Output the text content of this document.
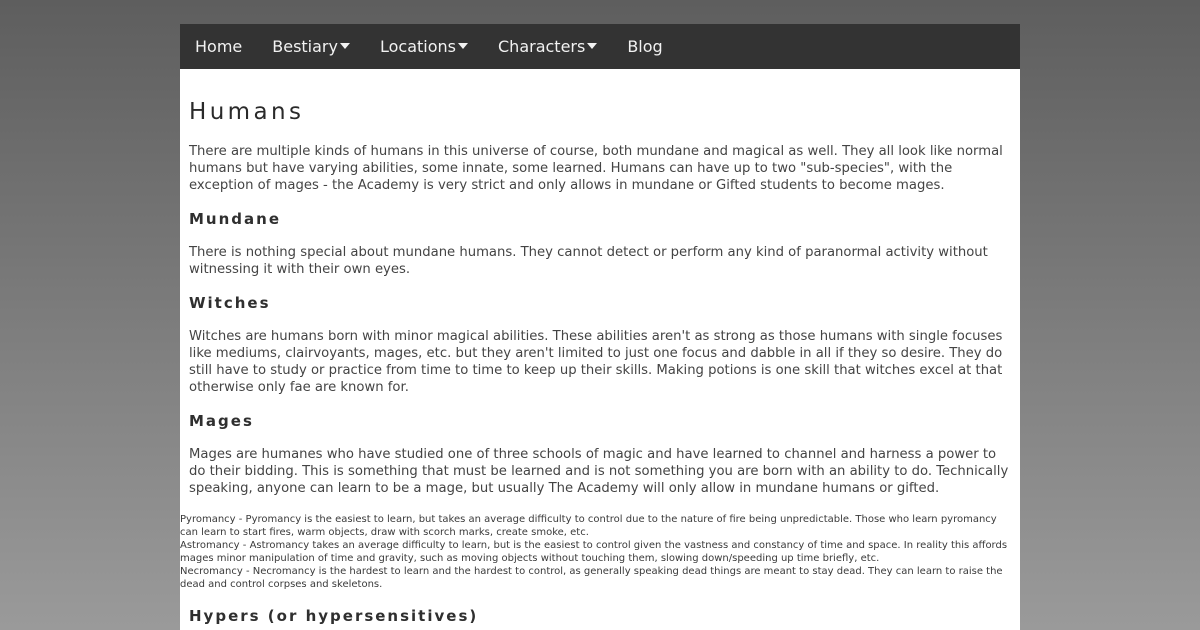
Home Bestiary	Locations	Characters	Blog
Humans

There are multiple kinds of humans in this universe of course, both mundane and magical as well. They all look like normal humans but have varying abilities, some innate, some learned. Humans can have up to two "sub-species", with the exception of mages - the Academy is very strict and only allows in mundane or Gifted students to become mages.

Mundane

There is nothing special about mundane humans. They cannot detect or perform any kind of paranormal activity without witnessing it with their own eyes.

Witches

Witches are humans born with minor magical abilities. These abilities aren't as strong as those humans with single focuses like mediums, clairvoyants, mages, etc. but they aren't limited to just one focus and dabble in all if they so desire. They do still have to study or practice from time to time to keep up their skills. Making potions is one skill that witches excel at that otherwise only fae are known for.

Mages

Mages are humanes who have studied one of three schools of magic and have learned to channel and harness a power to do their bidding. This is something that must be learned and is not something you are born with an ability to do. Technically speaking, anyone can learn to be a mage, but usually The Academy will only allow in mundane humans or gifted.

Pyromancy - Pyromancy is the easiest to learn, but takes an average difficulty to control due to the nature of fire being unpredictable. Those who learn pyromancy can learn to start fires, warm objects, draw with scorch marks, create smoke, etc.
Astromancy - Astromancy takes an average difficulty to learn, but is the easiest to control given the vastness and constancy of time and space. In reality this affords mages minor manipulation of time and gravity, such as moving objects without touching them, slowing down/speeding up time briefly, etc.
Necromancy - Necromancy is the hardest to learn and the hardest to control, as generally speaking dead things are meant to stay dead. They can learn to raise the dead and control corpses and skeletons.
Hypers (or hypersensitives)
